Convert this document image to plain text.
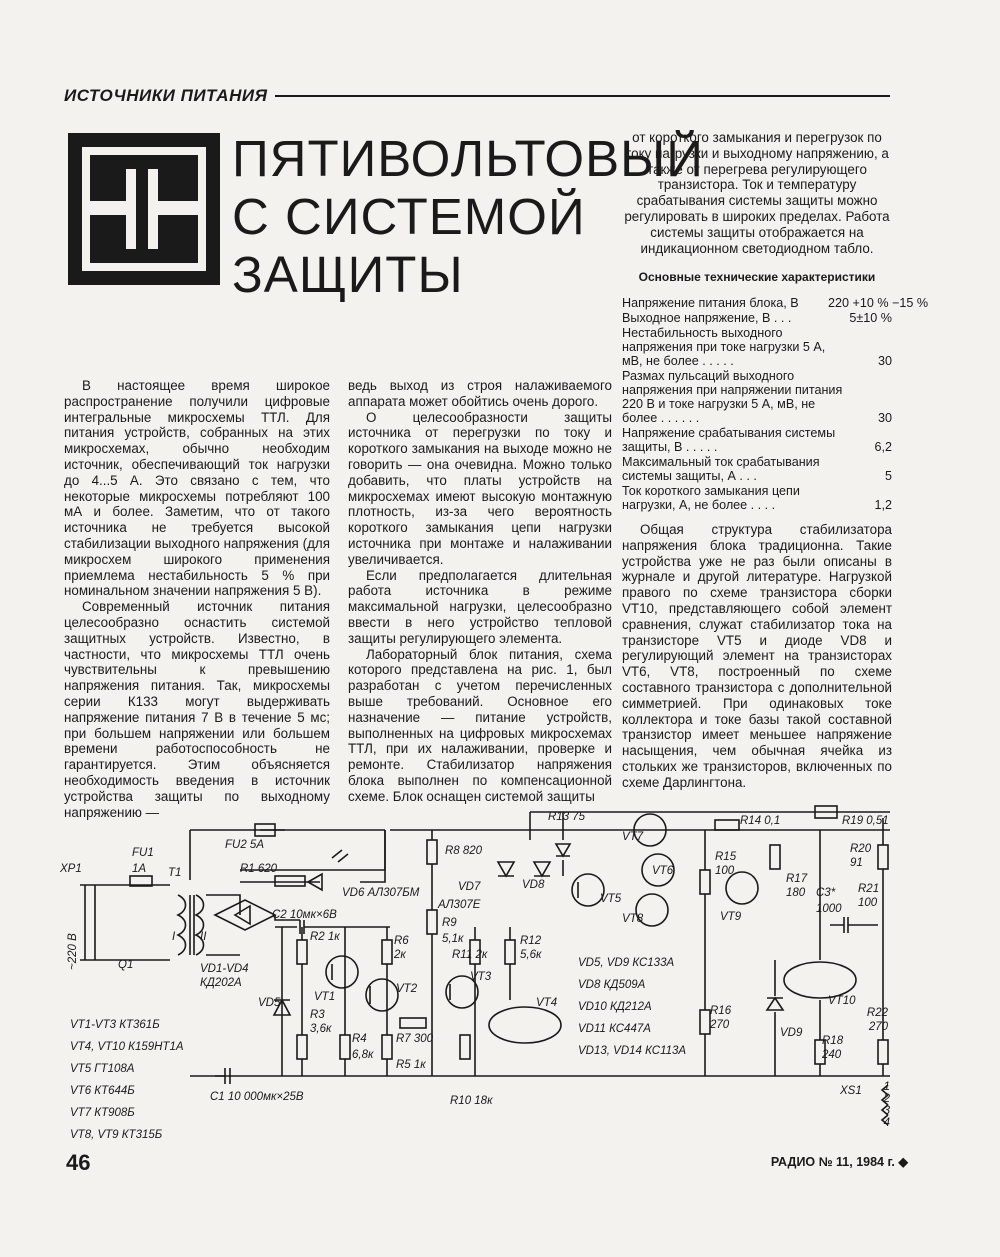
ИСТОЧНИКИ ПИТАНИЯ
ПЯТИВОЛЬТОВЫЙ
С СИСТЕМОЙ
ЗАЩИТЫ

В настоящее время широкое распространение получили цифровые интегральные микросхемы ТТЛ. Для питания устройств, собранных на этих микросхемах, обычно необходим источник, обеспечивающий ток нагрузки до 4...5 А. Это связано с тем, что некоторые микросхемы потребляют 100 мА и более. Заметим, что от такого источника не требуется высокой стабилизации выходного напряжения (для микросхем широкого применения приемлема нестабильность 5 % при номинальном значении напряжения 5 В).

Современный источник питания целесообразно оснастить системой защитных устройств. Известно, в частности, что микросхемы ТТЛ очень чувствительны к превышению напряжения питания. Так, микросхемы серии К133 могут выдерживать напряжение питания 7 В в течение 5 мс; при большем напряжении или большем времени работоспособность не гарантируется. Этим объясняется необходимость введения в источник устройства защиты по выходному напряжению —

ведь выход из строя налаживаемого аппарата может обойтись очень дорого.

О целесообразности защиты источника от перегрузки по току и короткого замыкания на выходе можно не говорить — она очевидна. Можно только добавить, что платы устройств на микросхемах имеют высокую монтажную плотность, из-за чего вероятность короткого замыкания цепи нагрузки источника при монтаже и налаживании увеличивается.

Если предполагается длительная работа источника в режиме максимальной нагрузки, целесообразно ввести в него устройство тепловой защиты регулирующего элемента.

Лабораторный блок питания, схема которого представлена на рис. 1, был разработан с учетом перечисленных выше требований. Основное его назначение — питание устройств, выполненных на цифровых микросхемах ТТЛ, при их налаживании, проверке и ремонте. Стабилизатор напряжения блока выполнен по компенсационной схеме. Блок оснащен системой защиты

от короткого замыкания и перегрузок по току нагрузки и выходному напряжению, а также от перегрева регулирующего транзистора. Ток и температуру срабатывания системы защиты можно регулировать в широких пределах. Работа системы защиты отображается на индикационном светодиодном табло.

Основные технические характеристики
Напряжение питания блока, В	220 +10 % −15 %
Выходное напряжение, В . . .	5±10 %
Нестабильность выходного напряжения при токе нагрузки 5 А, мВ, не более . . . . .	30
Размах пульсаций выходного напряжения при напряжении питания 220 В и токе нагрузки 5 А, мВ, не более . . . . . .	30
Напряжение срабатывания системы защиты, В . . . . .	6,2
Максимальный ток срабатывания системы защиты, А . . .	5
Ток короткого замыкания цепи нагрузки, А, не более . . . .	1,2

Общая структура стабилизатора напряжения блока традиционна. Такие устройства уже не раз были описаны в журнале и другой литературе. Нагрузкой правого по схеме транзисторa сборки VT10, представляющего собой элемент сравнения, служат стабилизатор тока на транзисторе VT5 и диоде VD8 и регулирующий элемент на транзисторах VT6, VT8, построенный по схеме составного транзистора с дополнительной симметрией. При одинаковых токе коллектора и токе базы такой составной транзистор имеет меньшее напряжение насыщения, чем обычная ячейка из стольких же транзисторов, включенных по схеме Дарлингтона.

XP1
FU1
1А T1
I II
Q1
~220 В
FU2 5А
R1 620
VD6 АЛ307БМ
R8 820
VD7
АЛ307Е
VD8
R13 75
VT7
VT6
VT8
VT5
VT9
R14 0,1	R19 0,51
R15
100
R17
180 C3*
1000
R20
91
R21
100
C2 10мк×6В
R2 1к	R6
2к
R9
5,1к
R11 2к
R12
5,6к
VT1
VT2
VT3
VT4	VT10
VD1-VD4
КД202А
VD5
VD9
R3
3,6к
R4
6,8к
R7 300
R5 1к
R10 18к
R16
270
R18
240
R22
270
C1 10 000мк×25В	XS1 1
2
3
4
VT1-VT3 КТ361Б
VT4, VT10 К159НТ1А
VT5 ГТ108А
VT6 КТ644Б
VT7 КТ908Б
VT8, VT9 КТ315Б
VD5, VD9 КС133А
VD8 КД509А
VD10 КД212А
VD11 КС447А
VD13, VD14 КС113А
46	РАДИО № 11, 1984 г. ◆
